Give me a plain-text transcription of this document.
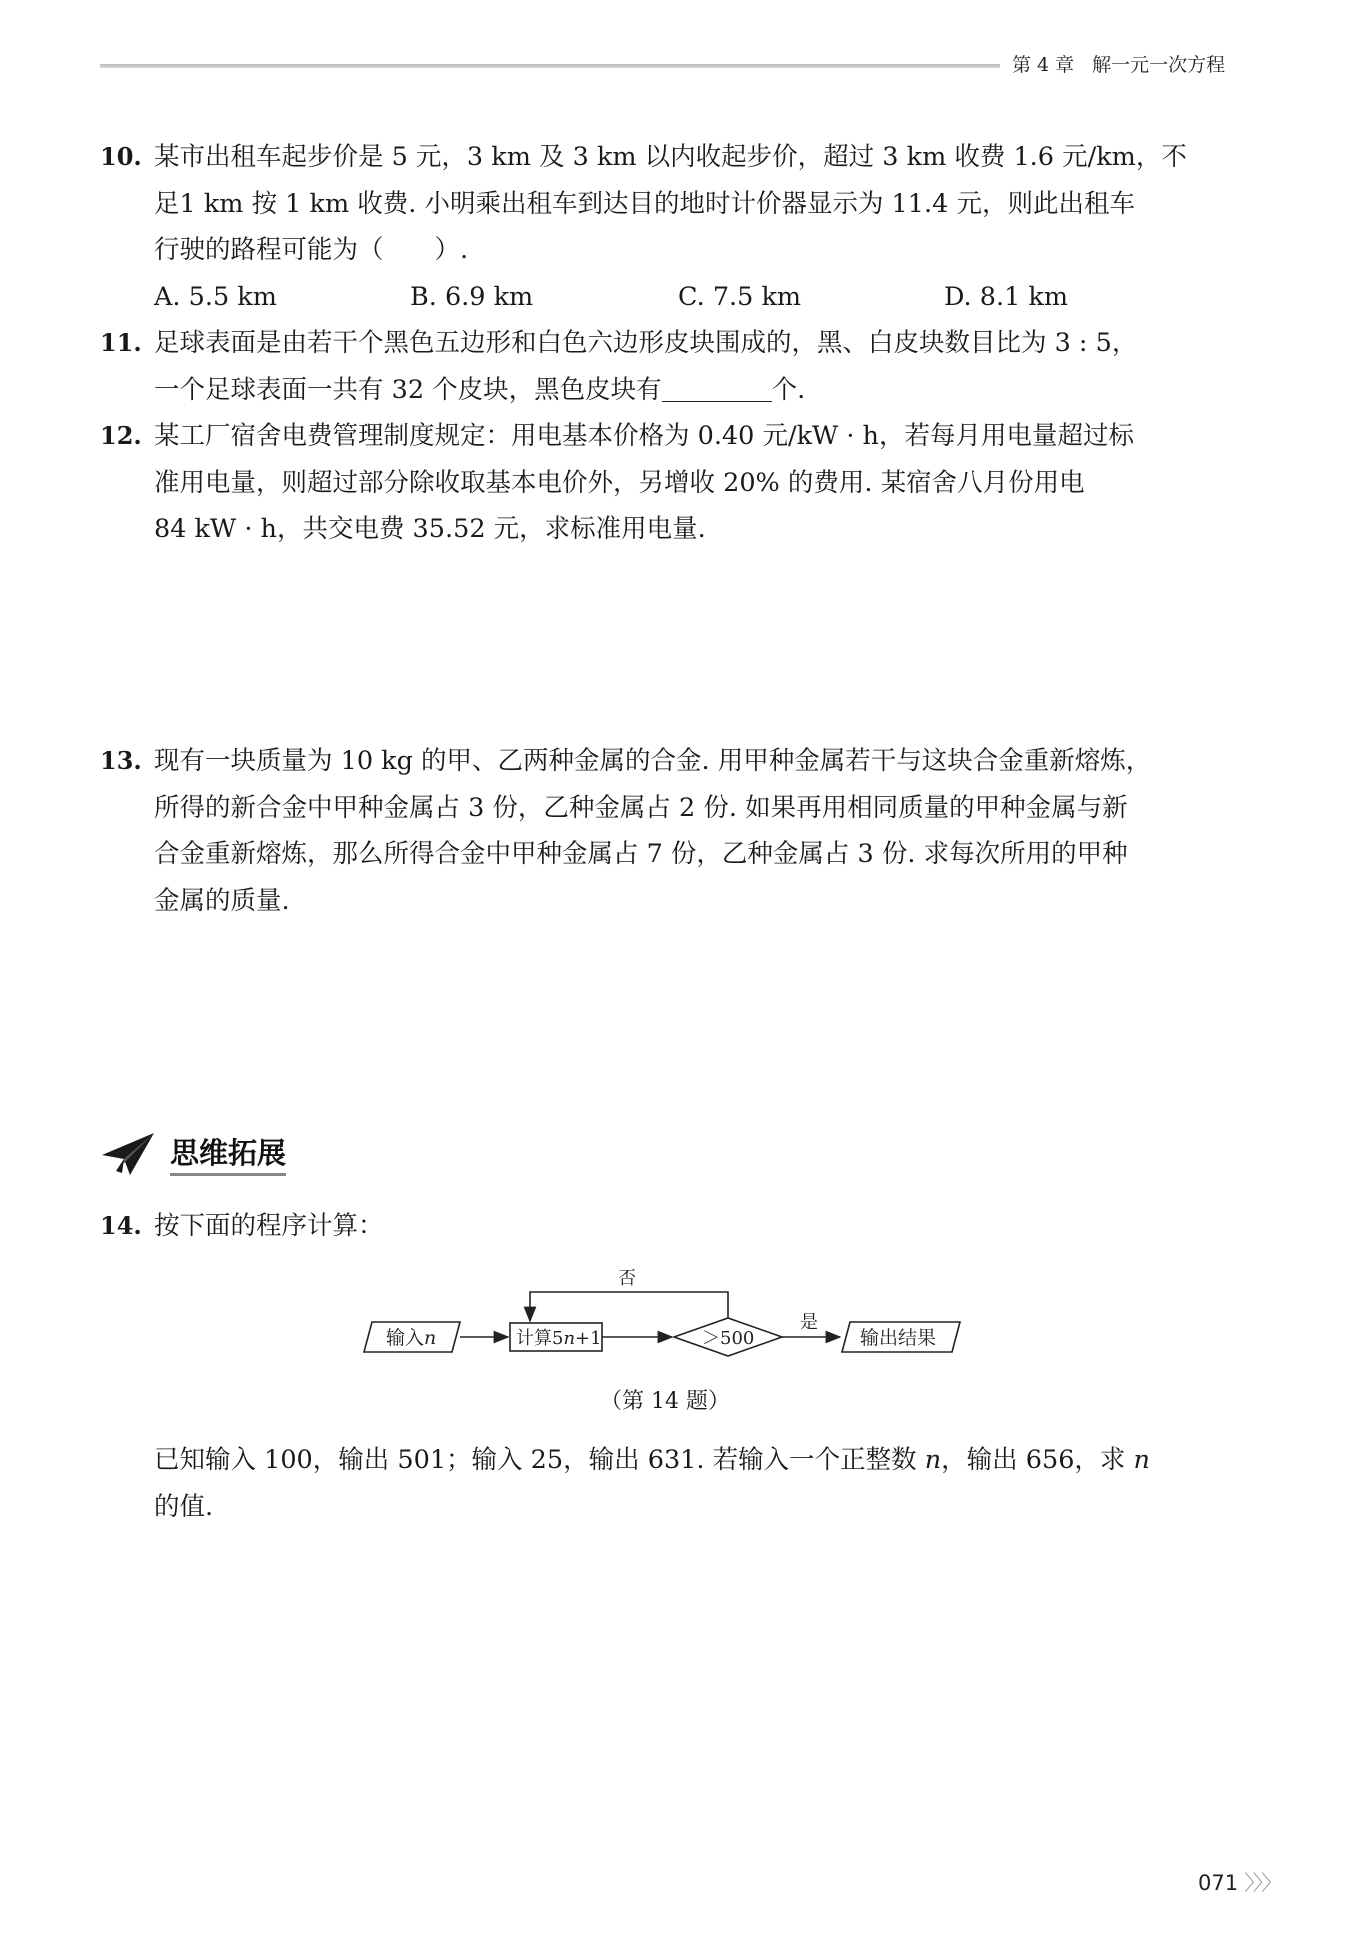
第 4 章 解一元一次方程
10. 某市出租车起步价是 5 元，3 km 及 3 km 以内收起步价，超过 3 km 收费 1.6 元/km，不
足1 km 按 1 km 收费. 小明乘出租车到达目的地时计价器显示为 11.4 元，则此出租车
行驶的路程可能为（　　）.
A. 5.5 km	B. 6.9 km	C. 7.5 km	D. 8.1 km
11. 足球表面是由若干个黑色五边形和白色六边形皮块围成的，黑、白皮块数目比为 3 : 5，
一个足球表面一共有 32 个皮块，黑色皮块有	个.
12. 某工厂宿舍电费管理制度规定：用电基本价格为 0.40 元/kW · h，若每月用电量超过标
准用电量，则超过部分除收取基本电价外，另增收 20% 的费用. 某宿舍八月份用电
84 kW · h，共交电费 35.52 元，求标准用电量.
13. 现有一块质量为 10 kg 的甲、乙两种金属的合金. 用甲种金属若干与这块合金重新熔炼，
所得的新合金中甲种金属占 3 份，乙种金属占 2 份. 如果再用相同质量的甲种金属与新
合金重新熔炼，那么所得合金中甲种金属占 7 份，乙种金属占 3 份. 求每次所用的甲种
金属的质量.
思维拓展
14. 按下面的程序计算：
输入n	计算5n+1	＞500
否
是
输出结果
（第 14 题）
已知输入 100，输出 501；输入 25，输出 631. 若输入一个正整数 n，输出 656，求 n
的值.
071 〉〉〉
